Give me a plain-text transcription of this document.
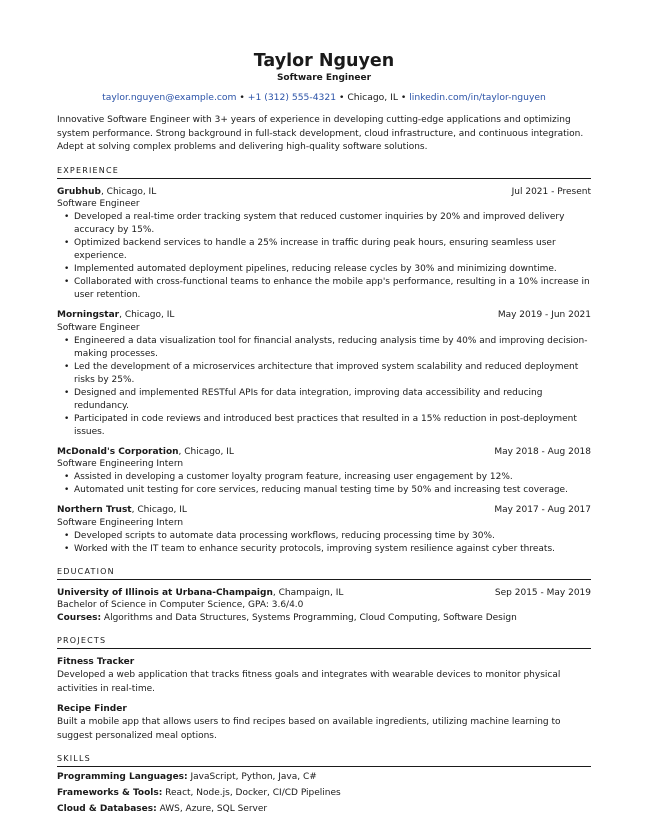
Taylor Nguyen
Software Engineer
taylor.nguyen@example.com • +1 (312) 555-4321 • Chicago, IL • linkedin.com/in/taylor-nguyen
Innovative Software Engineer with 3+ years of experience in developing cutting-edge applications and optimizing system performance. Strong background in full-stack development, cloud infrastructure, and continuous integration. Adept at solving complex problems and delivering high-quality software solutions.
EXPERIENCE
Grubhub, Chicago, IL	Jul 2021 - Present
Software Engineer
• Developed a real-time order tracking system that reduced customer inquiries by 20% and improved delivery accuracy by 15%.
• Optimized backend services to handle a 25% increase in traffic during peak hours, ensuring seamless user experience.
• Implemented automated deployment pipelines, reducing release cycles by 30% and minimizing downtime.
• Collaborated with cross-functional teams to enhance the mobile app's performance, resulting in a 10% increase in user retention.
Morningstar, Chicago, IL	May 2019 - Jun 2021
Software Engineer
• Engineered a data visualization tool for financial analysts, reducing analysis time by 40% and improving decision-making processes.
• Led the development of a microservices architecture that improved system scalability and reduced deployment risks by 25%.
• Designed and implemented RESTful APIs for data integration, improving data accessibility and reducing redundancy.
• Participated in code reviews and introduced best practices that resulted in a 15% reduction in post-deployment issues.
McDonald's Corporation, Chicago, IL	May 2018 - Aug 2018
Software Engineering Intern
• Assisted in developing a customer loyalty program feature, increasing user engagement by 12%.
• Automated unit testing for core services, reducing manual testing time by 50% and increasing test coverage.
Northern Trust, Chicago, IL	May 2017 - Aug 2017
Software Engineering Intern
• Developed scripts to automate data processing workflows, reducing processing time by 30%.
• Worked with the IT team to enhance security protocols, improving system resilience against cyber threats.
EDUCATION
University of Illinois at Urbana-Champaign, Champaign, IL	Sep 2015 - May 2019
Bachelor of Science in Computer Science, GPA: 3.6/4.0
Courses: Algorithms and Data Structures, Systems Programming, Cloud Computing, Software Design
PROJECTS
Fitness Tracker
Developed a web application that tracks fitness goals and integrates with wearable devices to monitor physical activities in real-time.
Recipe Finder
Built a mobile app that allows users to find recipes based on available ingredients, utilizing machine learning to suggest personalized meal options.
SKILLS
Programming Languages: JavaScript, Python, Java, C#
Frameworks & Tools: React, Node.js, Docker, CI/CD Pipelines
Cloud & Databases: AWS, Azure, SQL Server
